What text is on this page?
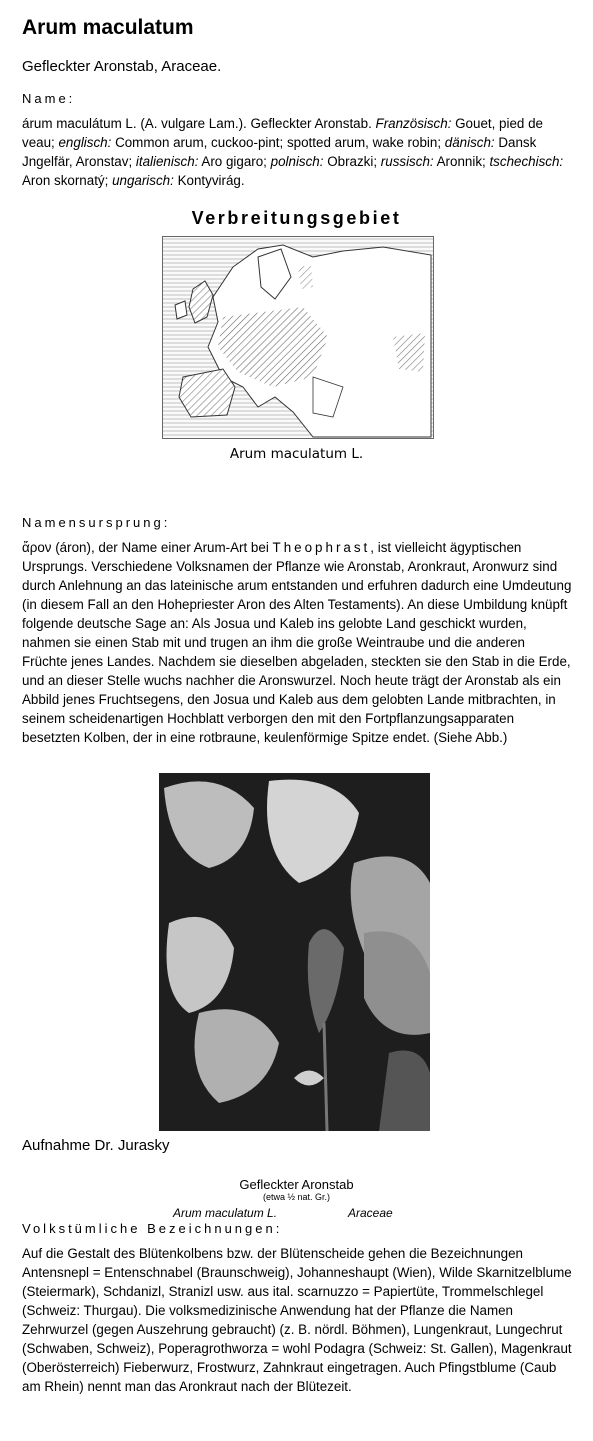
Arum maculatum
Gefleckter Aronstab, Araceae.
Name:
árum maculátum L. (A. vulgare Lam.). Gefleckter Aronstab. Französisch: Gouet, pied de veau; englisch: Common arum, cuckoo-pint; spotted arum, wake robin; dänisch: Dansk Jngelfär, Aronstav; italienisch: Aro gigaro; polnisch: Obrazki; russisch: Aronnik; tschechisch: Aron skornatý; ungarisch: Kontyvirág.
Verbreitungsgebiet
Arum maculatum L.
Namensursprung:
ἄρον (áron), der Name einer Arum-Art bei Theophrast, ist vielleicht ägyptischen Ursprungs. Verschiedene Volksnamen der Pflanze wie Aronstab, Aronkraut, Aronwurz sind durch Anlehnung an das lateinische arum entstanden und erfuhren dadurch eine Umdeutung (in diesem Fall an den Hohepriester Aron des Alten Testaments). An diese Umbildung knüpft folgende deutsche Sage an: Als Josua und Kaleb ins gelobte Land geschickt wurden, nahmen sie einen Stab mit und trugen an ihm die große Weintraube und die anderen Früchte jenes Landes. Nachdem sie dieselben abgeladen, steckten sie den Stab in die Erde, und an dieser Stelle wuchs nachher die Aronswurzel. Noch heute trägt der Aronstab als ein Abbild jenes Fruchtsegens, den Josua und Kaleb aus dem gelobten Lande mitbrachten, in seinem scheidenartigen Hochblatt verborgen den mit den Fortpflanzungsapparaten besetzten Kolben, der in eine rotbraune, keulenförmige Spitze endet. (Siehe Abb.)
Aufnahme Dr. Jurasky
Gefleckter Aronstab
(etwa ½ nat. Gr.)
Arum maculatum L.	Araceae
Volkstümliche Bezeichnungen:
Auf die Gestalt des Blütenkolbens bzw. der Blütenscheide gehen die Bezeichnungen Antensnepl = Entenschnabel (Braunschweig), Johanneshaupt (Wien), Wilde Skarnitzelblume (Steiermark), Schdanizl, Stranizl usw. aus ital. scarnuzzo = Papiertüte, Trommelschlegel (Schweiz: Thurgau). Die volksmedizinische Anwendung hat der Pflanze die Namen Zehrwurzel (gegen Auszehrung gebraucht) (z. B. nördl. Böhmen), Lungenkraut, Lungechrut (Schwaben, Schweiz), Poperagrothworza = wohl Podagra (Schweiz: St. Gallen), Magenkraut (Oberösterreich) Fieberwurz, Frostwurz, Zahnkraut eingetragen. Auch Pfingstblume (Caub am Rhein) nennt man das Aronkraut nach der Blütezeit.
